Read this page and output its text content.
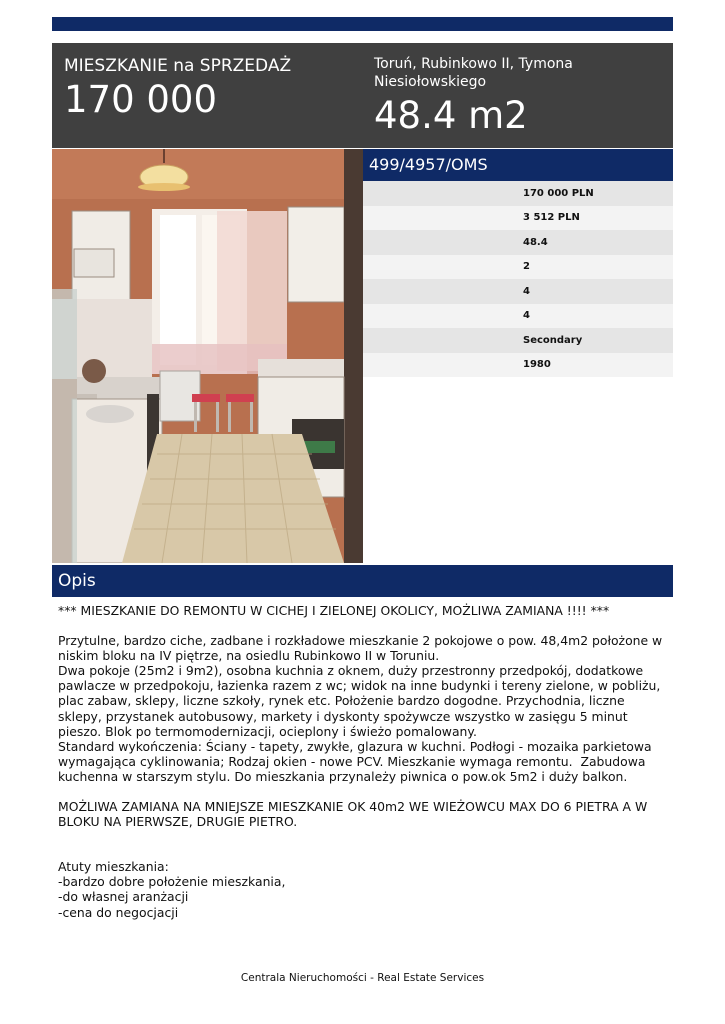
MIESZKANIE na SPRZEDAŻ
170 000
Toruń, Rubinkowo II, Tymona Niesiołowskiego
48.4 m2
499/4957/OMS
170 000 PLN
3 512 PLN
48.4
2
4
4
Secondary
1980
Opis

*** MIESZKANIE DO REMONTU W CICHEJ I ZIELONEJ OKOLICY, MOŻLIWA ZAMIANA !!!! ***

Przytulne, bardzo ciche, zadbane i rozkładowe mieszkanie 2 pokojowe o pow. 48,4m2 położone w niskim bloku na IV piętrze, na osiedlu Rubinkowo II w Toruniu.
Dwa pokoje (25m2 i 9m2), osobna kuchnia z oknem, duży przestronny przedpokój, dodatkowe pawlacze w przedpokoju, łazienka razem z wc; widok na inne budynki i tereny zielone, w pobliżu, plac zabaw, sklepy, liczne szkoły, rynek etc. Położenie bardzo dogodne. Przychodnia, liczne sklepy, przystanek autobusowy, markety i dyskonty spożywcze wszystko w zasięgu 5 minut pieszo. Blok po termomodernizacji, ocieplony i świeżo pomalowany.
Standard wykończenia: Ściany - tapety, zwykłe, glazura w kuchni. Podłogi - mozaika parkietowa wymagająca cyklinowania; Rodzaj okien - nowe PCV. Mieszkanie wymaga remontu.  Zabudowa kuchenna w starszym stylu. Do mieszkania przynależy piwnica o pow.ok 5m2 i duży balkon.

MOŻLIWA ZAMIANA NA MNIEJSZE MIESZKANIE OK 40m2 WE WIEŻOWCU MAX DO 6 PIETRA A W BLOKU NA PIERWSZE, DRUGIE PIETRO.

Atuty mieszkania:
-bardzo dobre położenie mieszkania,
-do własnej aranżacji
-cena do negocjacji

Centrala Nieruchomości - Real Estate Services
